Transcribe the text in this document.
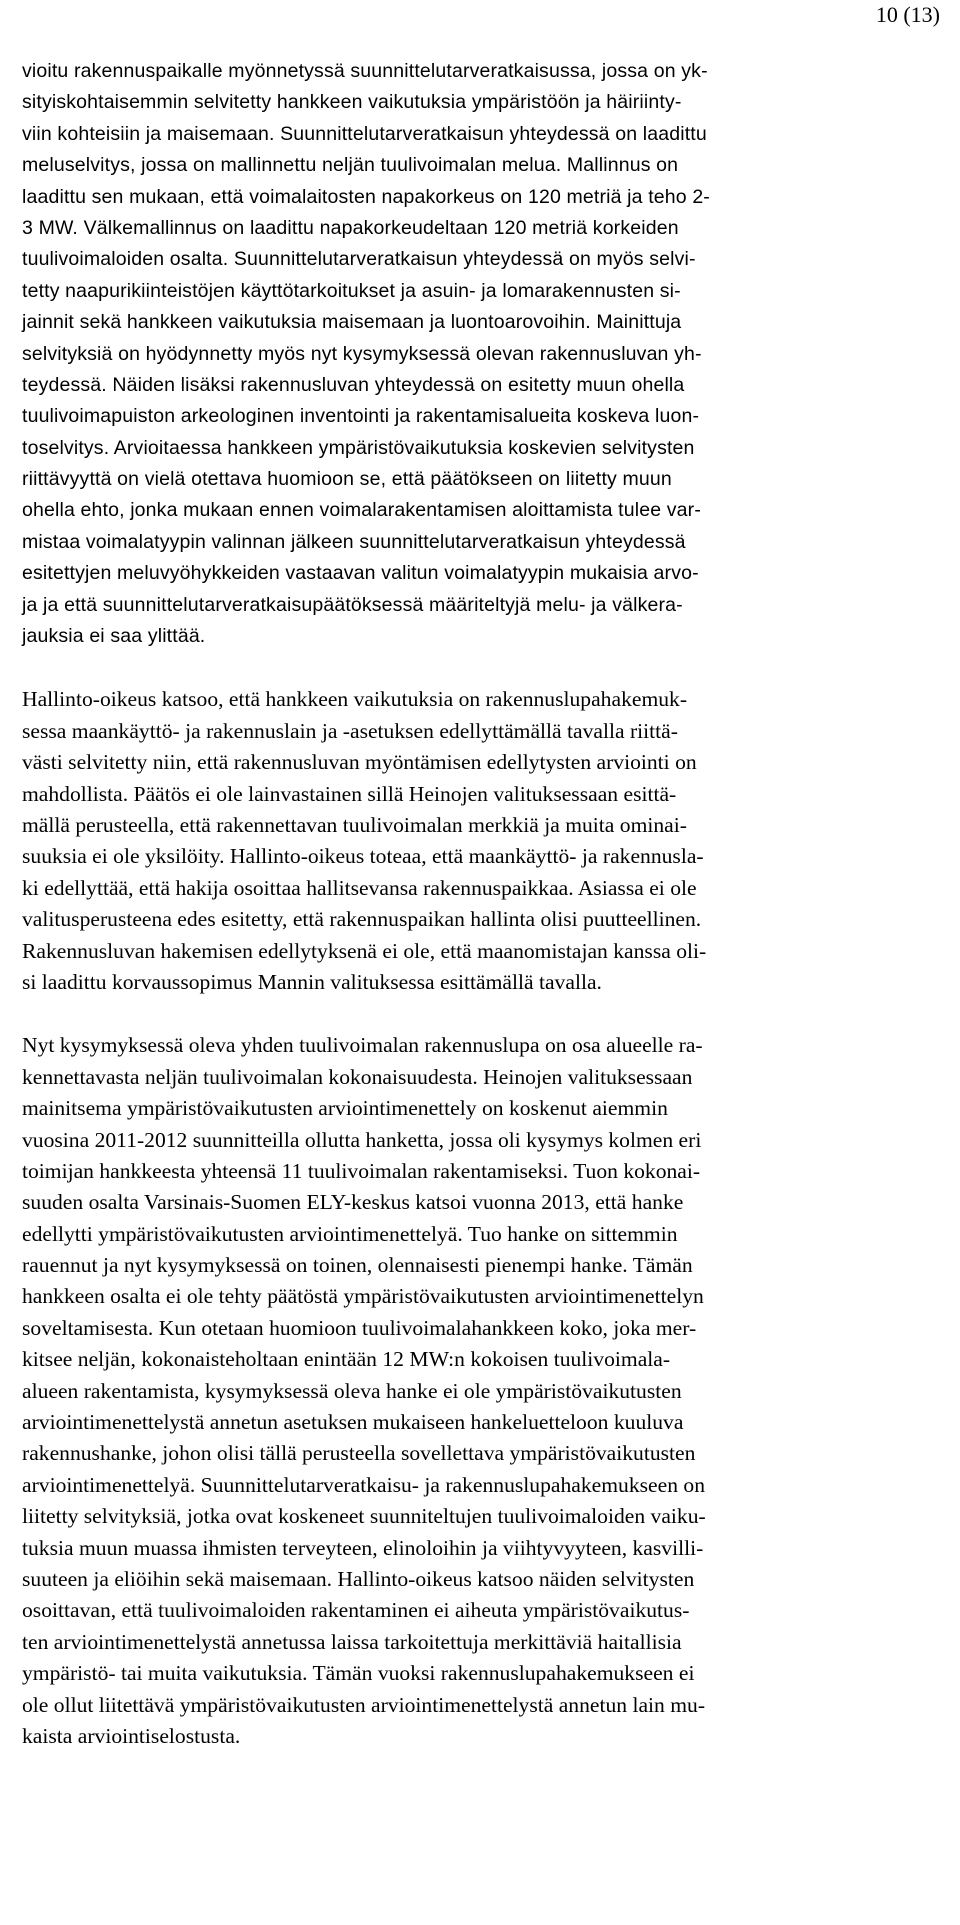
10 (13)
vioitu rakennuspaikalle myönnetyssä suunnittelutarveratkaisussa, jossa on yk-
sityiskohtaisemmin selvitetty hankkeen vaikutuksia ympäristöön ja häiriinty-
viin kohteisiin ja maisemaan. Suunnittelutarveratkaisun yhteydessä on laadittu
meluselvitys, jossa on mallinnettu neljän tuulivoimalan melua. Mallinnus on
laadittu sen mukaan, että voimalaitosten napakorkeus on 120 metriä ja teho 2-
3 MW. Välkemallinnus on laadittu napakorkeudeltaan 120 metriä korkeiden
tuulivoimaloiden osalta. Suunnittelutarveratkaisun yhteydessä on myös selvi-
tetty naapurikiinteistöjen käyttötarkoitukset ja asuin- ja lomarakennusten si-
jainnit sekä hankkeen vaikutuksia maisemaan ja luontoarovoihin. Mainittuja
selvityksiä on hyödynnetty myös nyt kysymyksessä olevan rakennusluvan yh-
teydessä. Näiden lisäksi rakennusluvan yhteydessä on esitetty muun ohella
tuulivoimapuiston arkeologinen inventointi ja rakentamisalueita koskeva luon-
toselvitys. Arvioitaessa hankkeen ympäristövaikutuksia koskevien selvitysten
riittävyyttä on vielä otettava huomioon se, että päätökseen on liitetty muun
ohella ehto, jonka mukaan ennen voimalarakentamisen aloittamista tulee var-
mistaa voimalatyypin valinnan jälkeen suunnittelutarveratkaisun yhteydessä
esitettyjen meluvyöhykkeiden vastaavan valitun voimalatyypin mukaisia arvo-
ja ja että suunnittelutarveratkaisupäätöksessä määriteltyjä melu- ja välkera-
jauksia ei saa ylittää.
Hallinto-oikeus katsoo, että hankkeen vaikutuksia on rakennuslupahakemuk-
sessa maankäyttö- ja rakennuslain ja -asetuksen edellyttämällä tavalla riittä-
västi selvitetty niin, että rakennusluvan myöntämisen edellytysten arviointi on
mahdollista. Päätös ei ole lainvastainen sillä Heinojen valituksessaan esittä-
mällä perusteella, että rakennettavan tuulivoimalan merkkiä ja muita ominai-
suuksia ei ole yksilöity. Hallinto-oikeus toteaa, että maankäyttö- ja rakennusla-
ki edellyttää, että hakija osoittaa hallitsevansa rakennuspaikkaa. Asiassa ei ole
valitusperusteena edes esitetty, että rakennuspaikan hallinta olisi puutteellinen.
Rakennusluvan hakemisen edellytyksenä ei ole, että maanomistajan kanssa oli-
si laadittu korvaussopimus Mannin valituksessa esittämällä tavalla.
Nyt kysymyksessä oleva yhden tuulivoimalan rakennuslupa on osa alueelle ra-
kennettavasta neljän tuulivoimalan kokonaisuudesta. Heinojen valituksessaan
mainitsema ympäristövaikutusten arviointimenettely on koskenut aiemmin
vuosina 2011-2012 suunnitteilla ollutta hanketta, jossa oli kysymys kolmen eri
toimijan hankkeesta yhteensä 11 tuulivoimalan rakentamiseksi. Tuon kokonai-
suuden osalta Varsinais-Suomen ELY-keskus katsoi vuonna 2013, että hanke
edellytti ympäristövaikutusten arviointimenettelyä. Tuo hanke on sittemmin
rauennut ja nyt kysymyksessä on toinen, olennaisesti pienempi hanke. Tämän
hankkeen osalta ei ole tehty päätöstä ympäristövaikutusten arviointimenettelyn
soveltamisesta. Kun otetaan huomioon tuulivoimalahankkeen koko, joka mer-
kitsee neljän, kokonaisteholtaan enintään 12 MW:n kokoisen tuulivoimala-
alueen rakentamista, kysymyksessä oleva hanke ei ole ympäristövaikutusten
arviointimenettelystä annetun asetuksen mukaiseen hankeluetteloon kuuluva
rakennushanke, johon olisi tällä perusteella sovellettava ympäristövaikutusten
arviointimenettelyä. Suunnittelutarveratkaisu- ja rakennuslupahakemukseen on
liitetty selvityksiä, jotka ovat koskeneet suunniteltujen tuulivoimaloiden vaiku-
tuksia muun muassa ihmisten terveyteen, elinoloihin ja viihtyvyyteen, kasvilli-
suuteen ja eliöihin sekä maisemaan. Hallinto-oikeus katsoo näiden selvitysten
osoittavan, että tuulivoimaloiden rakentaminen ei aiheuta ympäristövaikutus-
ten arviointimenettelystä annetussa laissa tarkoitettuja merkittäviä haitallisia
ympäristö- tai muita vaikutuksia. Tämän vuoksi rakennuslupahakemukseen ei
ole ollut liitettävä ympäristövaikutusten arviointimenettelystä annetun lain mu-
kaista arviointiselostusta.
